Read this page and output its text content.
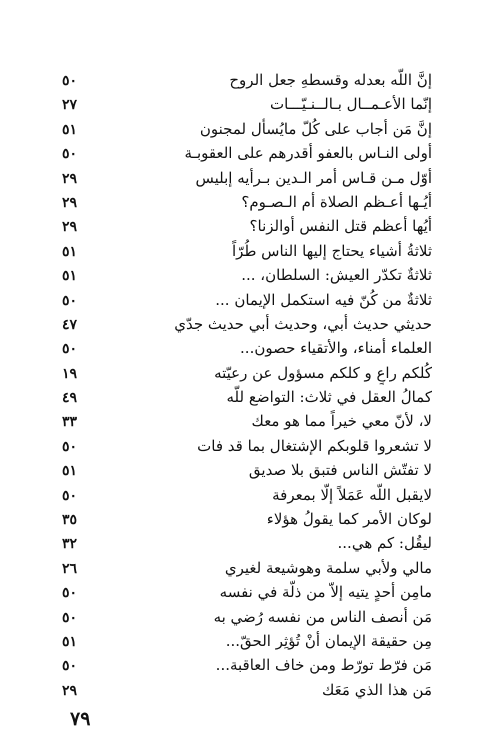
٥٠	إنَّ اللّه بعدله وقسطهِ جعل الروح
٢٧	إنّما الأعـمــال بـالــنـيّـــات
٥١	إنَّ مَن أجاب على كُلّ مايُسأل لمجنون
٥٠	أولى النـاس بالعفو أقدرهم على العقوبـة
٢٩	أوّل مـن قـاس أمر الـدين بـرأيه إبليس
٢٩	أيُـها أعـظم الصلاة أم الـصـوم؟
٢٩	أيُها أعظم قتل النفس أوالزنا؟
٥١	ثلاثةُ أشياء يحتاج إليها الناس طُرّاً
٥١	ثلاثةٌ تكدّر العيش: السلطان، ...
٥٠	ثلاثةٌ من كُنّ فيه استكمل الإيمان ...
٤٧	حديثي حديث أبي، وحديث أبي حديث جدّي
٥٠	العلماء أمناء، والأتقياء حصون...
١٩	كُلكم راعٍ و كلكم مسؤول عن رعيّته
٤٩	كمالُ العقل في ثلاث: التواضع للّه
٣٣	لا، لأنّ معي خيراً مما هو معك
٥٠	لا تشعروا قلوبكم الإشتغال بما قد فات
٥١	لا تفتّش الناس فتبق بلا صديق
٥٠	لايقبل اللّه عَمَلاً إلّا بمعرفة
٣٥	لوكان الأمر كما يقولُ هؤلاء
٣٢	ليقُل: كم هي...
٢٦	مالي ولأبي سلمة وهوشيعة لغيري
٥٠	مامِن أحدٍ يتيه إلاّ من ذلّة في نفسه
٥٠	مَن أنصف الناس من نفسه رُضي به
٥١	مِن حقيقة الإيمان أنْ تُؤثِر الحقّ...
٥٠	مَن فرّط تورّط ومن خاف العاقبة...
٢٩	مَن هذا الذي مَعَك
٧٩
